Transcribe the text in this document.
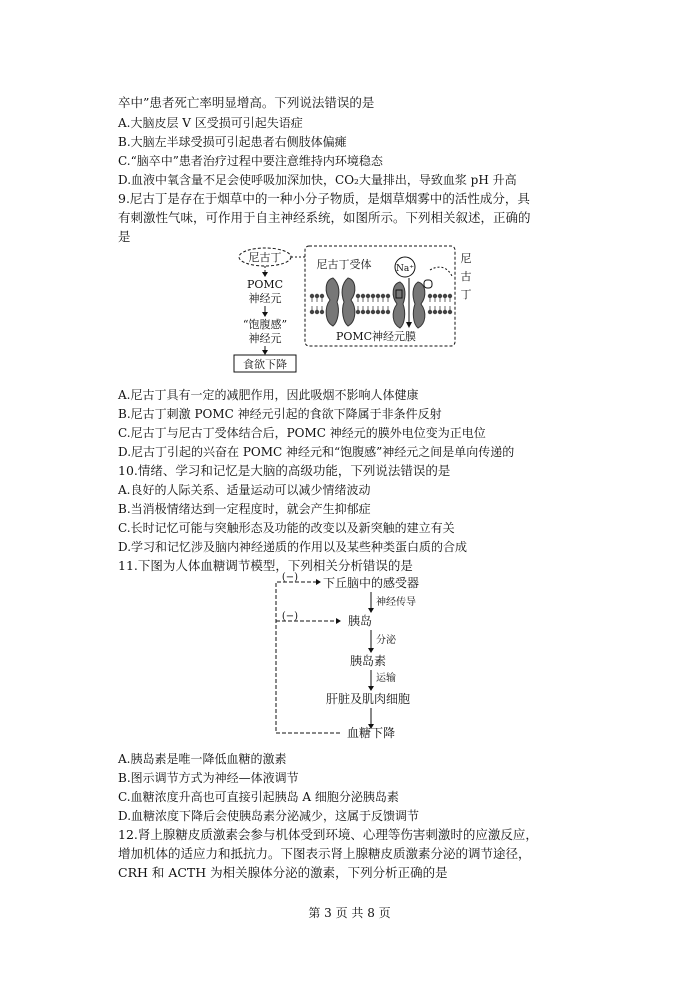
卒中”患者死亡率明显增高。下列说法错误的是
A.大脑皮层 V 区受损可引起失语症
B.大脑左半球受损可引起患者右侧肢体偏瘫
C.“脑卒中”患者治疗过程中要注意维持内环境稳态
D.血液中氧含量不足会使呼吸加深加快，CO₂大量排出，导致血浆 pH 升高
9.尼古丁是存在于烟草中的一种小分子物质，是烟草烟雾中的活性成分，具
有刺激性气味，可作用于自主神经系统，如图所示。下列相关叙述，正确的
是
尼古丁
POMC
神经元
“饱腹感”
神经元
食欲下降
尼古丁受体	Na⁺
尼
古
丁
POMC神经元膜
A.尼古丁具有一定的减肥作用，因此吸烟不影响人体健康
B.尼古丁刺激 POMC 神经元引起的食欲下降属于非条件反射
C.尼古丁与尼古丁受体结合后，POMC 神经元的膜外电位变为正电位
D.尼古丁引起的兴奋在 POMC 神经元和“饱腹感”神经元之间是单向传递的
10.情绪、学习和记忆是大脑的高级功能，下列说法错误的是
A.良好的人际关系、适量运动可以减少情绪波动
B.当消极情绪达到一定程度时，就会产生抑郁症
C.长时记忆可能与突触形态及功能的改变以及新突触的建立有关
D.学习和记忆涉及脑内神经递质的作用以及某些种类蛋白质的合成
11.下图为人体血糖调节模型，下列相关分析错误的是
(−)
(−)
下丘脑中的感受器
神经传导
胰岛
分泌
胰岛素
运输
肝脏及肌肉细胞
血糖下降
A.胰岛素是唯一降低血糖的激素
B.图示调节方式为神经—体液调节
C.血糖浓度升高也可直接引起胰岛 A 细胞分泌胰岛素
D.血糖浓度下降后会使胰岛素分泌减少，这属于反馈调节
12.肾上腺糖皮质激素会参与机体受到环境、心理等伤害刺激时的应激反应，
增加机体的适应力和抵抗力。下图表示肾上腺糖皮质激素分泌的调节途径，
CRH 和 ACTH 为相关腺体分泌的激素，下列分析正确的是
第 3 页 共 8 页
